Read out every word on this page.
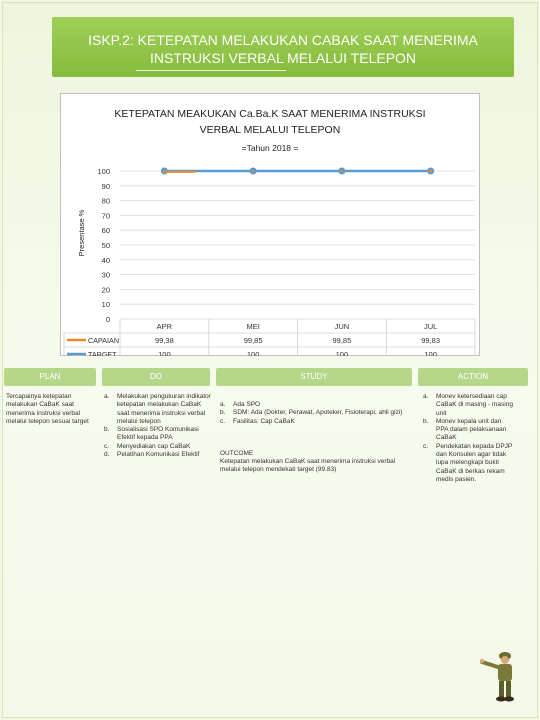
ISKP.2: KETEPATAN MELAKUKAN CABAK SAAT MENERIMA INSTRUKSI VERBAL MELALUI TELEPON
KETEPATAN MEAKUKAN Ca.Ba.K SAAT MENERIMA INSTRUKSI
VERBAL MELALUI TELEPON
=Tahun 2018 =
Presentase %
0
10
20
30
40
50
60
70
80
90
100
APR	MEI	JUN	JUL
CAPAIAN	99,38	99,85	99,85	99,83
TARGET	100	100	100	100
PLAN	DO	STUDY	ACTION
Tercapainya ketepatan melakukan CaBaK saat menerima instruksi verbal melalui telepon sesuai target
a.	Melakukan pengukuran indikator ketepatan melakukan CaBaK saat menerima instruksi verbal melalui telepon
b.	Sosialisasi SPO Komunikasi Efektif kepada PPA
c.	Menyediakan cap CaBaK
d.	Pelatihan Komunikasi Efektif
a.	Ada SPO
b.	SDM: Ada (Dokter, Perawat, Apoteker, Fisioterapi, ahli gizi)
c.	Fasilitas: Cap CaBaK
OUTCOME
Ketepatan melakukan CaBaK saat menerima instruksi verbal melalui telepon mendekati target (99.83)
a.	Monev ketersediaan cap CaBaK di masing - masing unit
b.	Monev kepala unit dan PPA dalam pelaksanaan CaBaK
c.	Pendekatan kepada DPJP dan Konsulen agar tidak lupa melengkapi bukti CaBaK di berkas rekam medis pasien.
